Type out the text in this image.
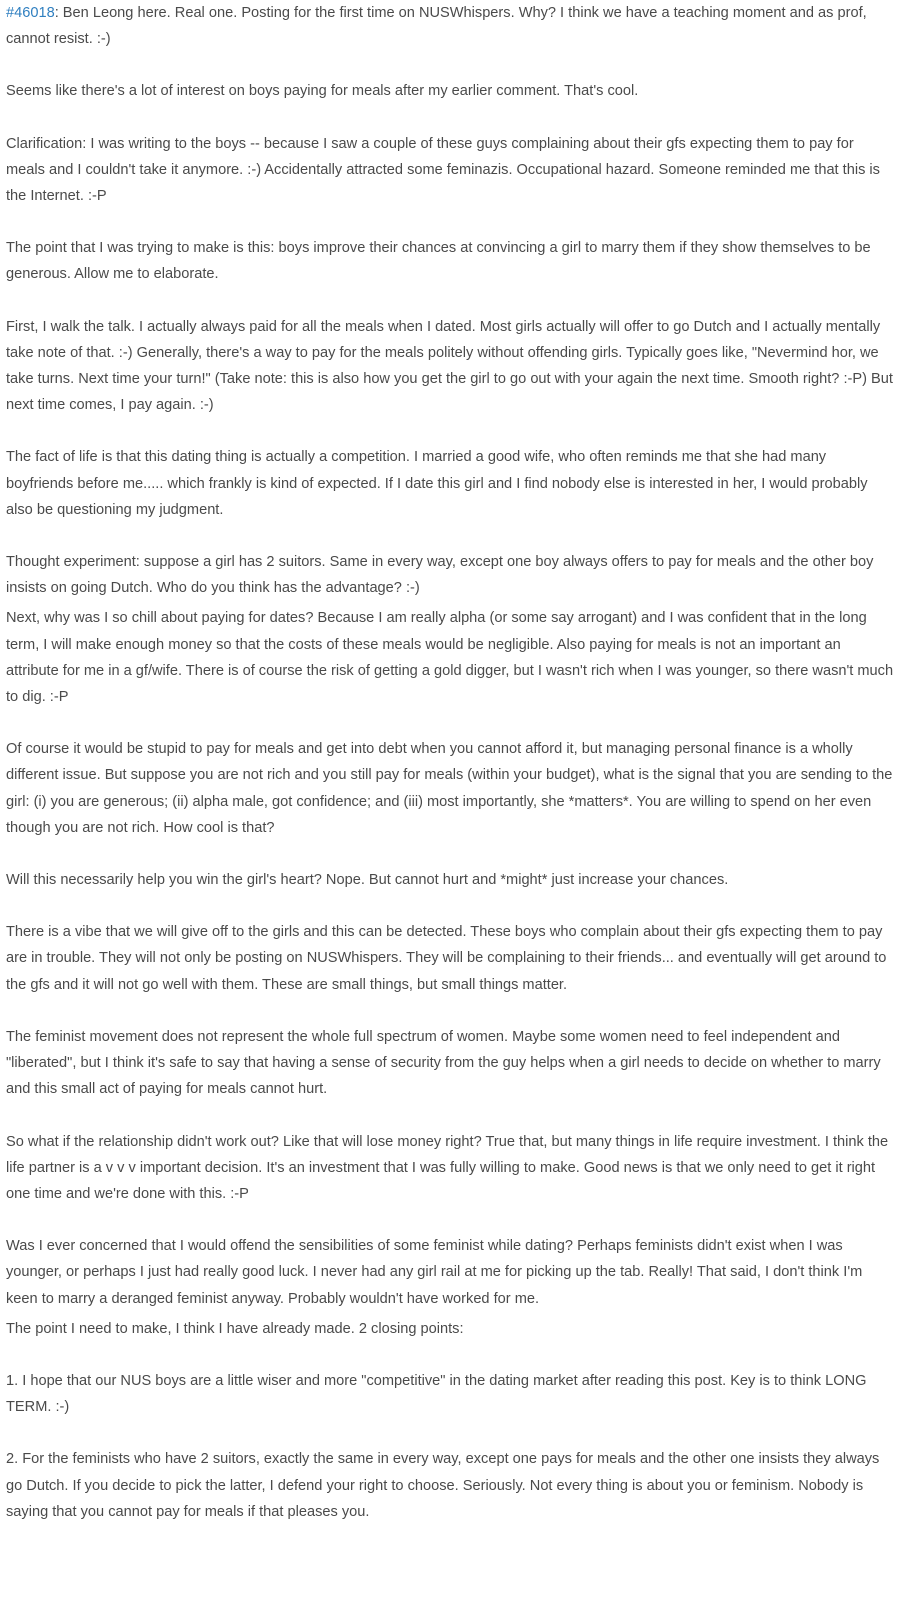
#46018: Ben Leong here. Real one. Posting for the first time on NUSWhispers. Why? I think we have a teaching moment and as prof, cannot resist. :-)

Seems like there's a lot of interest on boys paying for meals after my earlier comment. That's cool.

Clarification: I was writing to the boys -- because I saw a couple of these guys complaining about their gfs expecting them to pay for meals and I couldn't take it anymore. :-) Accidentally attracted some feminazis. Occupational hazard. Someone reminded me that this is the Internet. :-P

The point that I was trying to make is this: boys improve their chances at convincing a girl to marry them if they show themselves to be generous. Allow me to elaborate.

First, I walk the talk. I actually always paid for all the meals when I dated. Most girls actually will offer to go Dutch and I actually mentally take note of that. :-) Generally, there's a way to pay for the meals politely without offending girls. Typically goes like, "Nevermind hor, we take turns. Next time your turn!" (Take note: this is also how you get the girl to go out with your again the next time. Smooth right? :-P) But next time comes, I pay again. :-)

The fact of life is that this dating thing is actually a competition. I married a good wife, who often reminds me that she had many boyfriends before me..... which frankly is kind of expected. If I date this girl and I find nobody else is interested in her, I would probably also be questioning my judgment.

Thought experiment: suppose a girl has 2 suitors. Same in every way, except one boy always offers to pay for meals and the other boy insists on going Dutch. Who do you think has the advantage? :-)

Next, why was I so chill about paying for dates? Because I am really alpha (or some say arrogant) and I was confident that in the long term, I will make enough money so that the costs of these meals would be negligible. Also paying for meals is not an important an attribute for me in a gf/wife. There is of course the risk of getting a gold digger, but I wasn't rich when I was younger, so there wasn't much to dig. :-P

Of course it would be stupid to pay for meals and get into debt when you cannot afford it, but managing personal finance is a wholly different issue. But suppose you are not rich and you still pay for meals (within your budget), what is the signal that you are sending to the girl: (i) you are generous; (ii) alpha male, got confidence; and (iii) most importantly, she *matters*. You are willing to spend on her even though you are not rich. How cool is that?

Will this necessarily help you win the girl's heart? Nope. But cannot hurt and *might* just increase your chances.

There is a vibe that we will give off to the girls and this can be detected. These boys who complain about their gfs expecting them to pay are in trouble. They will not only be posting on NUSWhispers. They will be complaining to their friends... and eventually will get around to the gfs and it will not go well with them. These are small things, but small things matter.

The feminist movement does not represent the whole full spectrum of women. Maybe some women need to feel independent and "liberated", but I think it's safe to say that having a sense of security from the guy helps when a girl needs to decide on whether to marry and this small act of paying for meals cannot hurt.

So what if the relationship didn't work out? Like that will lose money right? True that, but many things in life require investment. I think the life partner is a v v v important decision. It's an investment that I was fully willing to make. Good news is that we only need to get it right one time and we're done with this. :-P

Was I ever concerned that I would offend the sensibilities of some feminist while dating? Perhaps feminists didn't exist when I was younger, or perhaps I just had really good luck. I never had any girl rail at me for picking up the tab. Really! That said, I don't think I'm keen to marry a deranged feminist anyway. Probably wouldn't have worked for me.

The point I need to make, I think I have already made. 2 closing points:

1. I hope that our NUS boys are a little wiser and more "competitive" in the dating market after reading this post. Key is to think LONG TERM. :-)

2. For the feminists who have 2 suitors, exactly the same in every way, except one pays for meals and the other one insists they always go Dutch. If you decide to pick the latter, I defend your right to choose. Seriously. Not every thing is about you or feminism. Nobody is saying that you cannot pay for meals if that pleases you.
